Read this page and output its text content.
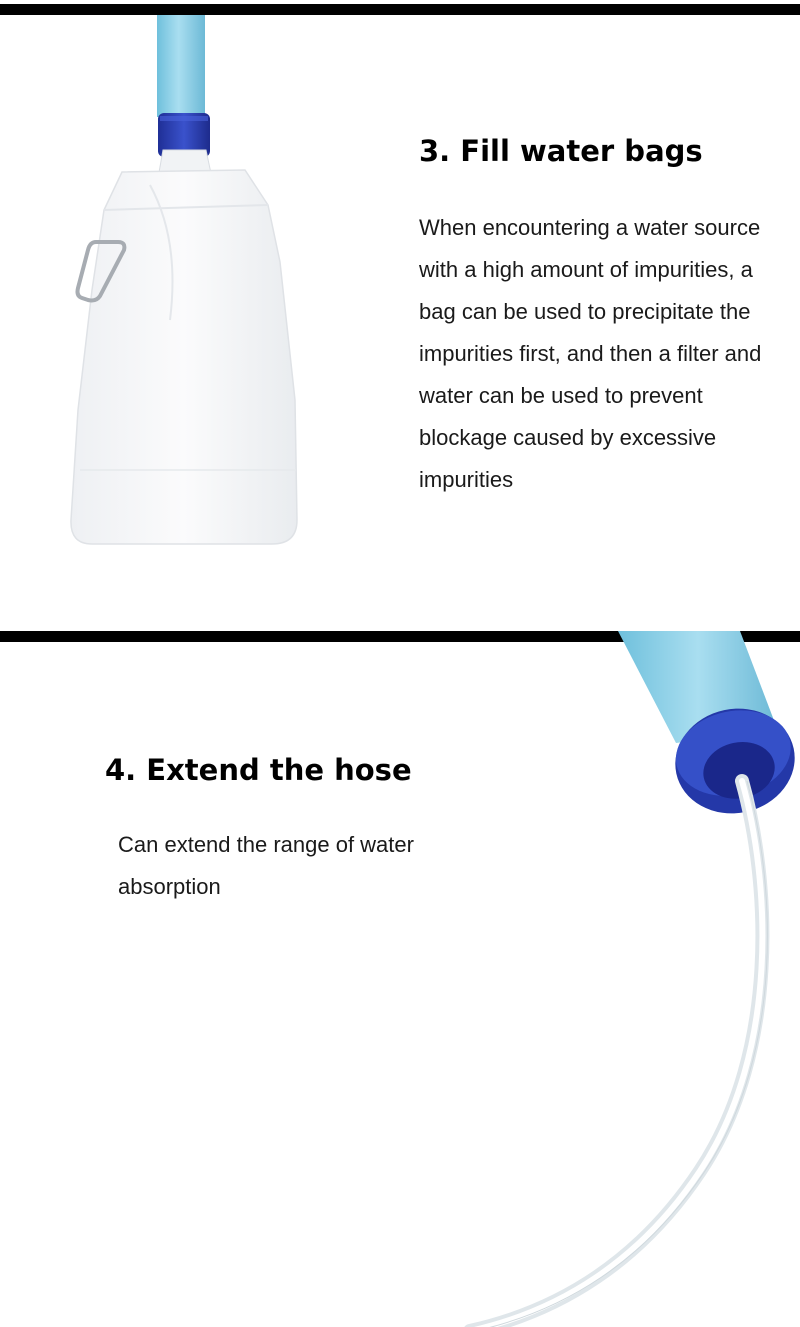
3. Fill water bags

When encountering a water source with a high amount of impurities, a bag can be used to precipitate the impurities first, and then a filter and water can be used to prevent blockage caused by excessive impurities

4. Extend the hose

Can extend the range of water absorption
